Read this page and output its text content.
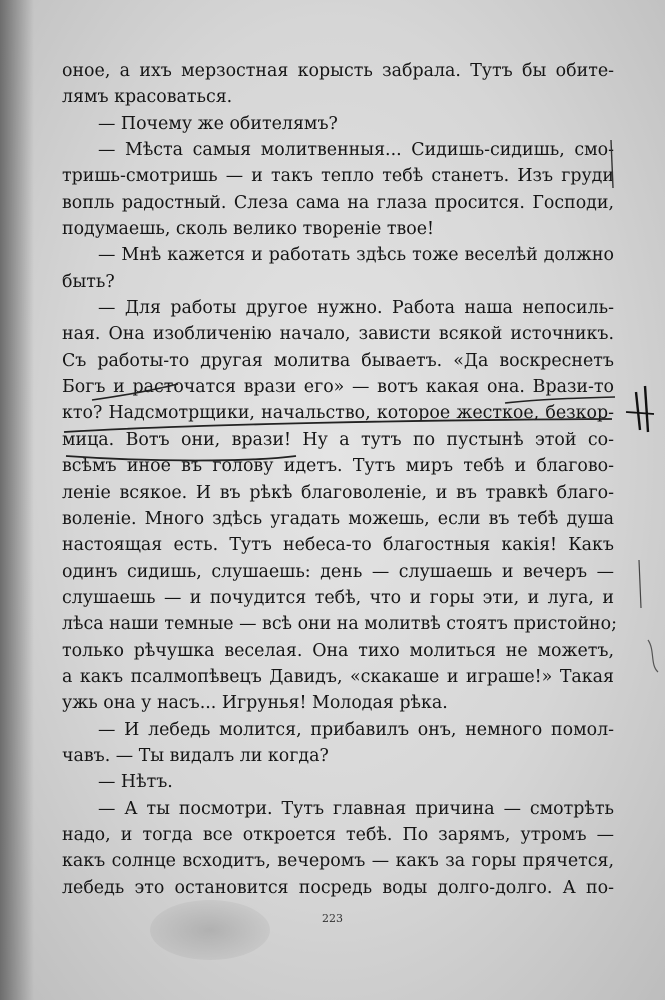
оное, а ихъ мерзостная корысть забрала. Тутъ бы обите-
лямъ красоваться.
— Почему же обителямъ?
— Мѣста самыя молитвенныя... Сидишь-сидишь, смо-
тришь-смотришь — и такъ тепло тебѣ станетъ. Изъ груди
вопль радостный. Слеза сама на глаза просится. Господи,
подумаешь, сколь велико твореніе твое!
— Мнѣ кажется и работать здѣсь тоже веселѣй должно
быть?
— Для работы другое нужно. Работа наша непосиль-
ная. Она изобличенію начало, зависти всякой источникъ.
Съ работы-то другая молитва бываетъ. «Да воскреснетъ
Богъ и расточатся врази его» — вотъ какая она. Врази-то
кто? Надсмотрщики, начальство, которое жесткое, безкор-
мица. Вотъ они, врази! Ну а тутъ по пустынѣ этой со-
всѣмъ иное въ голову идетъ. Тутъ миръ тебѣ и благово-
леніе всякое. И въ рѣкѣ благоволеніе, и въ травкѣ благо-
воленіе. Много здѣсь угадать можешь, если въ тебѣ душа
настоящая есть. Тутъ небеса-то благостныя какія! Какъ
одинъ сидишь, слушаешь: день — слушаешь и вечеръ —
слушаешь — и почудится тебѣ, что и горы эти, и луга, и
лѣса наши темные — всѣ они на молитвѣ стоятъ пристойно;
только рѣчушка веселая. Она тихо молиться не можетъ,
а какъ псалмопѣвецъ Давидъ, «скакаше и играше!» Такая
ужь она у насъ... Игрунья! Молодая рѣка.
— И лебедь молится, прибавилъ онъ, немного помол-
чавъ. — Ты видалъ ли когда?
— Нѣтъ.
— А ты посмотри. Тутъ главная причина — смотрѣть
надо, и тогда все откроется тебѣ. По зарямъ, утромъ —
какъ солнце всходитъ, вечеромъ — какъ за горы прячется,
лебедь это остановится посредь воды долго-долго. А по-
223
